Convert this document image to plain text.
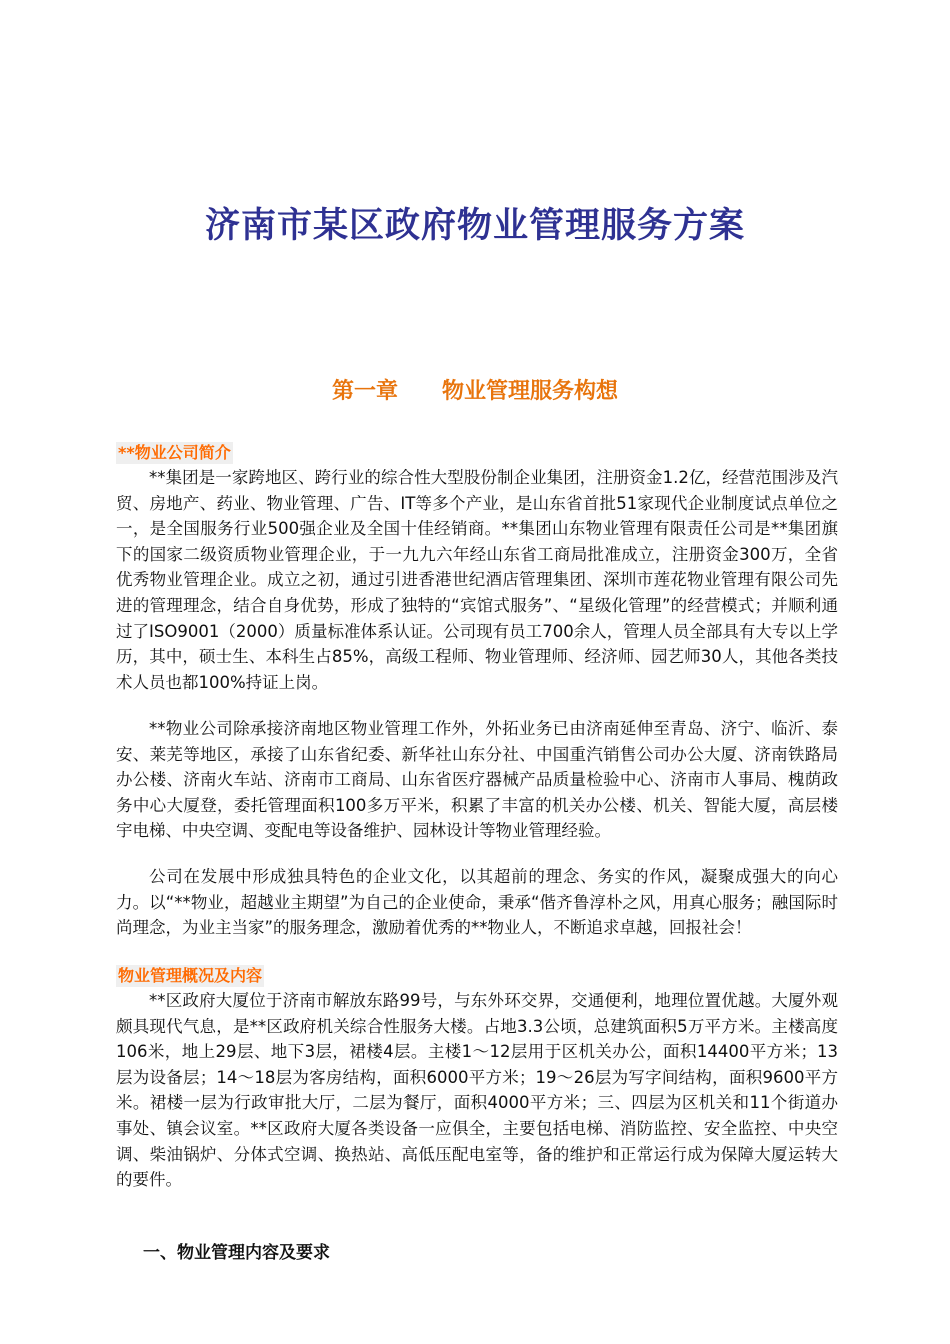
济南市某区政府物业管理服务方案
第一章　　物业管理服务构想
**物业公司简介

**集团是一家跨地区、跨行业的综合性大型股份制企业集团，注册资金1.2亿，经营范围涉及汽贸、房地产、药业、物业管理、广告、IT等多个产业，是山东省首批51家现代企业制度试点单位之一，是全国服务行业500强企业及全国十佳经销商。**集团山东物业管理有限责任公司是**集团旗下的国家二级资质物业管理企业，于一九九六年经山东省工商局批准成立，注册资金300万，全省优秀物业管理企业。成立之初，通过引进香港世纪酒店管理集团、深圳市莲花物业管理有限公司先进的管理理念，结合自身优势，形成了独特的“宾馆式服务”、“星级化管理”的经营模式；并顺利通过了ISO9001（2000）质量标准体系认证。公司现有员工700余人，管理人员全部具有大专以上学历，其中，硕士生、本科生占85%，高级工程师、物业管理师、经济师、园艺师30人，其他各类技术人员也都100%持证上岗。

**物业公司除承接济南地区物业管理工作外，外拓业务已由济南延伸至青岛、济宁、临沂、泰安、莱芜等地区，承接了山东省纪委、新华社山东分社、中国重汽销售公司办公大厦、济南铁路局办公楼、济南火车站、济南市工商局、山东省医疗器械产品质量检验中心、济南市人事局、槐荫政务中心大厦登，委托管理面积100多万平米，积累了丰富的机关办公楼、机关、智能大厦，高层楼宇电梯、中央空调、变配电等设备维护、园林设计等物业管理经验。

公司在发展中形成独具特色的企业文化，以其超前的理念、务实的作风，凝聚成强大的向心力。以“**物业，超越业主期望”为自己的企业使命，秉承“偕齐鲁淳朴之风，用真心服务；融国际时尚理念，为业主当家”的服务理念，激励着优秀的**物业人，不断追求卓越，回报社会！

物业管理概况及内容

**区政府大厦位于济南市解放东路99号，与东外环交界，交通便利，地理位置优越。大厦外观颇具现代气息，是**区政府机关综合性服务大楼。占地3.3公顷，总建筑面积5万平方米。主楼高度106米，地上29层、地下3层，裙楼4层。主楼1～12层用于区机关办公，面积14400平方米；13层为设备层；14～18层为客房结构，面积6000平方米；19～26层为写字间结构，面积9600平方米。裙楼一层为行政审批大厅，二层为餐厅，面积4000平方米；三、四层为区机关和11个街道办事处、镇会议室。**区政府大厦各类设备一应俱全，主要包括电梯、消防监控、安全监控、中央空调、柴油锅炉、分体式空调、换热站、高低压配电室等，备的维护和正常运行成为保障大厦运转大的要件。

一、物业管理内容及要求
